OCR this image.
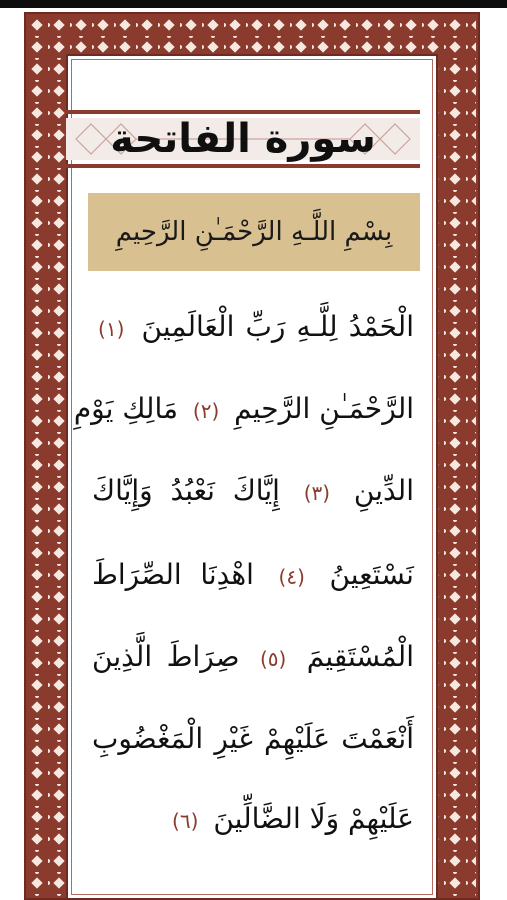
سورة الفاتحة
بِسْمِ اللَّـهِ الرَّحْمَـٰنِ الرَّحِيمِ
الْحَمْدُ لِلَّـهِ رَبِّ الْعَالَمِينَ (١)
الرَّحْمَـٰنِ الرَّحِيمِ (٢) مَالِكِ يَوْمِ
الدِّينِ (٣) إِيَّاكَ نَعْبُدُ وَإِيَّاكَ
نَسْتَعِينُ (٤) اهْدِنَا الصِّرَاطَ
الْمُسْتَقِيمَ (٥) صِرَاطَ الَّذِينَ
أَنْعَمْتَ عَلَيْهِمْ غَيْرِ الْمَغْضُوبِ
عَلَيْهِمْ وَلَا الضَّالِّينَ (٦)
